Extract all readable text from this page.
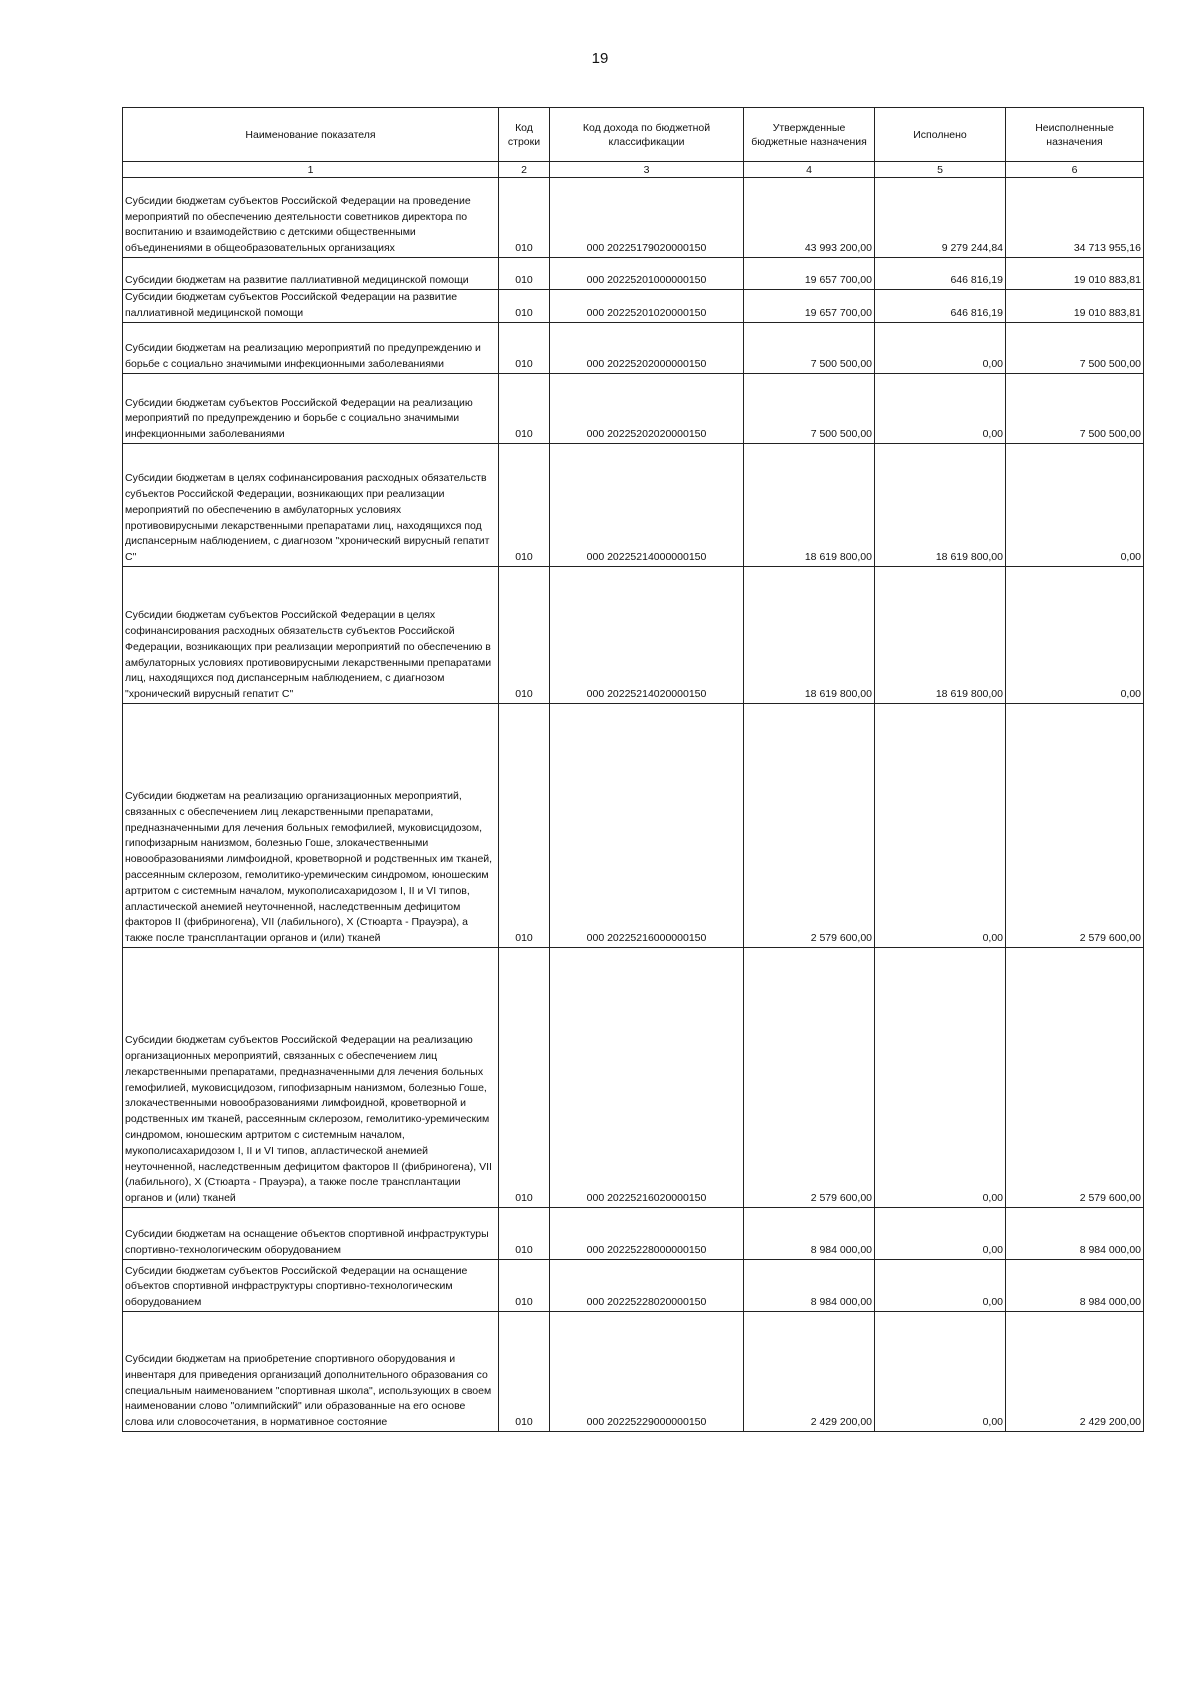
19
Наименование показателя	Код строки	Код дохода по бюджетной классификации	Утвержденные бюджетные назначения	Исполнено	Неисполненные назначения
1	2	3	4	5	6
Субсидии бюджетам субъектов Российской Федерации на проведение мероприятий по обеспечению деятельности советников директора по воспитанию и взаимодействию с детскими общественными объединениями в общеобразовательных организациях	010	000 20225179020000150	43 993 200,00	9 279 244,84	34 713 955,16
Субсидии бюджетам на развитие паллиативной медицинской помощи	010	000 20225201000000150	19 657 700,00	646 816,19	19 010 883,81
Субсидии бюджетам субъектов Российской Федерации на развитие паллиативной медицинской помощи	010	000 20225201020000150	19 657 700,00	646 816,19	19 010 883,81
Субсидии бюджетам на реализацию мероприятий по предупреждению и борьбе с социально значимыми инфекционными заболеваниями	010	000 20225202000000150	7 500 500,00	0,00	7 500 500,00
Субсидии бюджетам субъектов Российской Федерации на реализацию мероприятий по предупреждению и борьбе с социально значимыми инфекционными заболеваниями	010	000 20225202020000150	7 500 500,00	0,00	7 500 500,00
Субсидии бюджетам в целях софинансирования расходных обязательств субъектов Российской Федерации, возникающих при реализации мероприятий по обеспечению в амбулаторных условиях противовирусными лекарственными препаратами лиц, находящихся под диспансерным наблюдением, с диагнозом "хронический вирусный гепатит С"	010	000 20225214000000150	18 619 800,00	18 619 800,00	0,00
Субсидии бюджетам субъектов Российской Федерации в целях софинансирования расходных обязательств субъектов Российской Федерации, возникающих при реализации мероприятий по обеспечению в амбулаторных условиях противовирусными лекарственными препаратами лиц, находящихся под диспансерным наблюдением, с диагнозом "хронический вирусный гепатит С"	010	000 20225214020000150	18 619 800,00	18 619 800,00	0,00
Субсидии бюджетам на реализацию организационных мероприятий, связанных с обеспечением лиц лекарственными препаратами, предназначенными для лечения больных гемофилией, муковисцидозом, гипофизарным нанизмом, болезнью Гоше, злокачественными новообразованиями лимфоидной, кроветворной и родственных им тканей, рассеянным склерозом, гемолитико-уремическим синдромом, юношеским артритом с системным началом, мукополисахаридозом I, II и VI типов, апластической анемией неуточненной, наследственным дефицитом факторов II (фибриногена), VII (лабильного), X (Стюарта - Прауэра), а также после трансплантации органов и (или) тканей	010	000 20225216000000150	2 579 600,00	0,00	2 579 600,00
Субсидии бюджетам субъектов Российской Федерации на реализацию организационных мероприятий, связанных с обеспечением лиц лекарственными препаратами, предназначенными для лечения больных гемофилией, муковисцидозом, гипофизарным нанизмом, болезнью Гоше, злокачественными новообразованиями лимфоидной, кроветворной и родственных им тканей, рассеянным склерозом, гемолитико-уремическим синдромом, юношеским артритом с системным началом, мукополисахаридозом I, II и VI типов, апластической анемией неуточненной, наследственным дефицитом факторов II (фибриногена), VII (лабильного), X (Стюарта - Прауэра), а также после трансплантации органов и (или) тканей	010	000 20225216020000150	2 579 600,00	0,00	2 579 600,00
Субсидии бюджетам на оснащение объектов спортивной инфраструктуры спортивно-технологическим оборудованием	010	000 20225228000000150	8 984 000,00	0,00	8 984 000,00
Субсидии бюджетам субъектов Российской Федерации на оснащение объектов спортивной инфраструктуры спортивно-технологическим оборудованием	010	000 20225228020000150	8 984 000,00	0,00	8 984 000,00
Субсидии бюджетам на приобретение спортивного оборудования и инвентаря для приведения организаций дополнительного образования со специальным наименованием "спортивная школа", использующих в своем наименовании слово "олимпийский" или образованные на его основе слова или словосочетания, в нормативное состояние	010	000 20225229000000150	2 429 200,00	0,00	2 429 200,00
